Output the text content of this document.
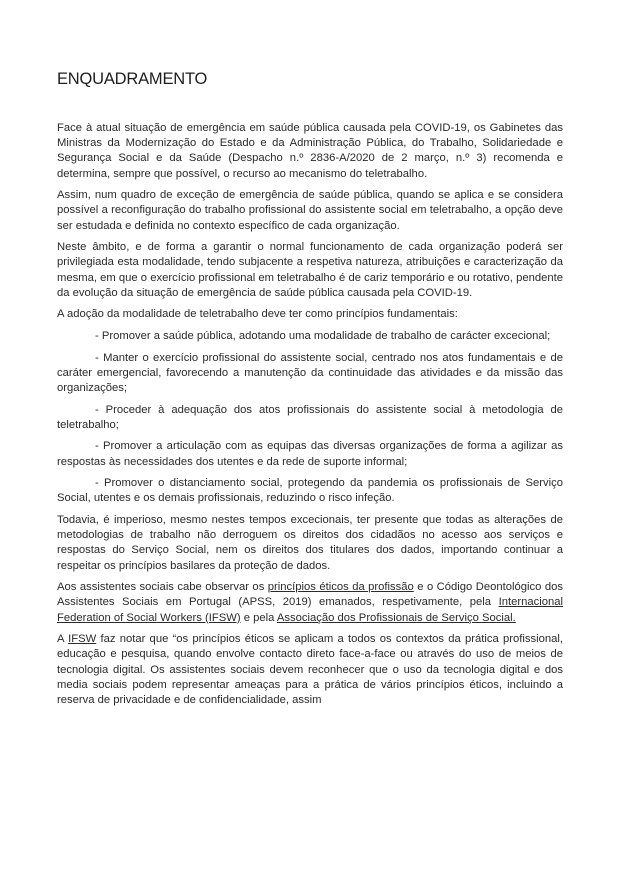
ENQUADRAMENTO

Face à atual situação de emergência em saúde pública causada pela COVID-19, os Gabinetes das Ministras da Modernização do Estado e da Administração Pública, do Trabalho, Solidariedade e Segurança Social e da Saúde (Despacho n.º 2836-A/2020 de 2 março, n.º 3) recomenda e determina, sempre que possível, o recurso ao mecanismo do teletrabalho.

Assim, num quadro de exceção de emergência de saúde pública, quando se aplica e se considera possível a reconfiguração do trabalho profissional do assistente social em teletrabalho, a opção deve ser estudada e definida no contexto específico de cada organização.

Neste âmbito, e de forma a garantir o normal funcionamento de cada organização poderá ser privilegiada esta modalidade, tendo subjacente a respetiva natureza, atribuições e caracterização da mesma, em que o exercício profissional em teletrabalho é de cariz temporário e ou rotativo, pendente da evolução da situação de emergência de saúde pública causada pela COVID-19.

A adoção da modalidade de teletrabalho deve ter como princípios fundamentais:

- Promover a saúde pública, adotando uma modalidade de trabalho de carácter excecional;

- Manter o exercício profissional do assistente social, centrado nos atos fundamentais e de caráter emergencial, favorecendo a manutenção da continuidade das atividades e da missão das organizações;

- Proceder à adequação dos atos profissionais do assistente social à metodologia de teletrabalho;

- Promover a articulação com as equipas das diversas organizações de forma a agilizar as respostas às necessidades dos utentes e da rede de suporte informal;

- Promover o distanciamento social, protegendo da pandemia os profissionais de Serviço Social, utentes e os demais profissionais, reduzindo o risco infeção.

Todavia, é imperioso, mesmo nestes tempos excecionais, ter presente que todas as alterações de metodologias de trabalho não derroguem os direitos dos cidadãos no acesso aos serviços e respostas do Serviço Social, nem os direitos dos titulares dos dados, importando continuar a respeitar os princípios basilares da proteção de dados.

Aos assistentes sociais cabe observar os princípios éticos da profissão e o Código Deontológico dos Assistentes Sociais em Portugal (APSS, 2019) emanados, respetivamente, pela Internacional Federation of Social Workers (IFSW) e pela Associação dos Profissionais de Serviço Social.

A IFSW faz notar que “os princípios éticos se aplicam a todos os contextos da prática profissional, educação e pesquisa, quando envolve contacto direto face-a-face ou através do uso de meios de tecnologia digital. Os assistentes sociais devem reconhecer que o uso da tecnologia digital e dos media sociais podem representar ameaças para a prática de vários princípios éticos, incluindo a reserva de privacidade e de confidencialidade, assim
